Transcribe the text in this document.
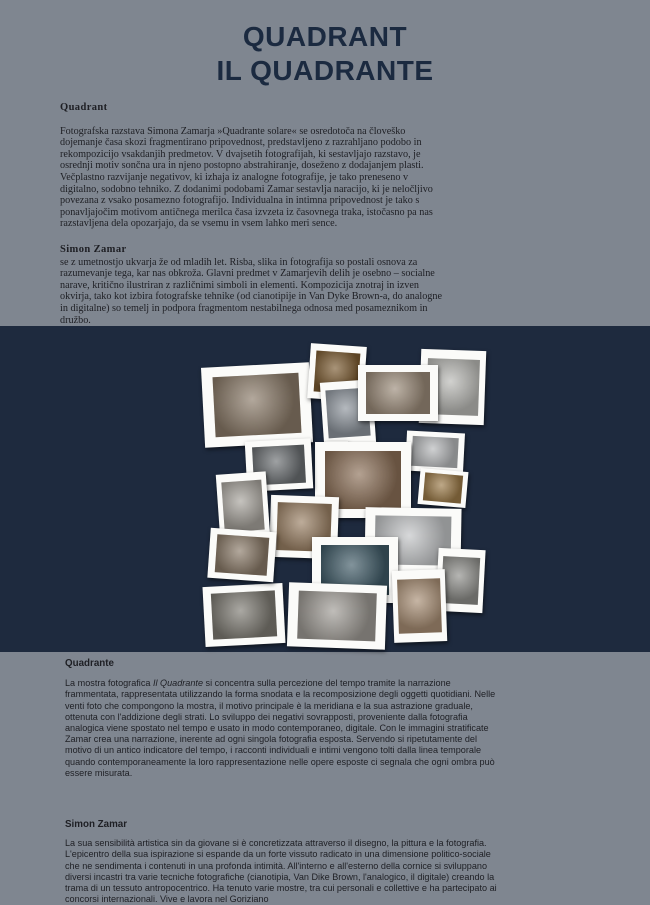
QUADRANT
IL QUADRANTE
Quadrant

Fotografska razstava Simona Zamarja »Quadrante solare« se osredotoča na človeško
dojemanje časa skozi fragmentirano pripovednost, predstavljeno z razrahljano podobo in
rekompozicijo vsakdanjih predmetov. V dvajsetih fotografijah, ki sestavljajo razstavo, je
osrednji motiv sončna ura in njeno postopno abstrahiranje, doseženo z dodajanjem plasti.
Večplastno razvijanje negativov, ki izhaja iz analogne fotografije, je tako preneseno v
digitalno, sodobno tehniko. Z dodanimi podobami Zamar sestavlja naracijo, ki je neločljivo
povezana z vsako posamezno fotografijo. Individualna in intimna pripovednost je tako s
ponavljajočim motivom antičnega merilca časa izvzeta iz časovnega traka, istočasno pa nas
razstavljena dela opozarjajo, da se vsemu in vsem lahko meri sence.

Simon Zamar

se z umetnostjo ukvarja že od mladih let. Risba, slika in fotografija so postali osnova za
razumevanje tega, kar nas obkroža. Glavni predmet v Zamarjevih delih je osebno – socialne
narave, kritično ilustriran z različnimi simboli in elementi. Kompozicija znotraj in izven
okvirja, tako kot izbira fotografske tehnike (od cianotipije in Van Dyke Brown-a, do analogne
in digitalne) so temelj in podpora fragmentom nestabilnega odnosa med posameznikom in
družbo.

Quadrante

La mostra fotografica Il Quadrante si concentra sulla percezione del tempo tramite la narrazione
frammentata, rappresentata utilizzando la forma snodata e la recomposizione degli oggetti quotidiani. Nelle
venti foto che compongono la mostra, il motivo principale è la meridiana e la sua astrazione graduale,
ottenuta con l'addizione degli strati. Lo sviluppo dei negativi sovrapposti, proveniente dalla fotografia
analogica viene spostato nel tempo e usato in modo contemporaneo, digitale. Con le immagini stratificate
Zamar crea una narrazione, inerente ad ogni singola fotografia esposta. Servendo si ripetutamente del
motivo di un antico indicatore del tempo, i racconti individuali e intimi vengono tolti dalla linea temporale
quando contemporaneamente la loro rappresentazione nelle opere esposte ci segnala che ogni ombra può
essere misurata.

Simon Zamar

La sua sensibilità artistica sin da giovane si è concretizzata attraverso il disegno, la pittura e la fotografia.
L'epicentro della sua ispirazione si espande da un forte vissuto radicato in una dimensione politico-sociale
che ne sendimenta i contenuti in una profonda intimità. All'interno e all'esterno della cornice si sviluppano
diversi incastri tra varie tecniche fotografiche (cianotipia, Van Dike Brown, l'analogico, il digitale) creando la
trama di un tessuto antropocentrico. Ha tenuto varie mostre, tra cui personali e collettive e ha partecipato ai
concorsi internazionali. Vive e lavora nel Goriziano
